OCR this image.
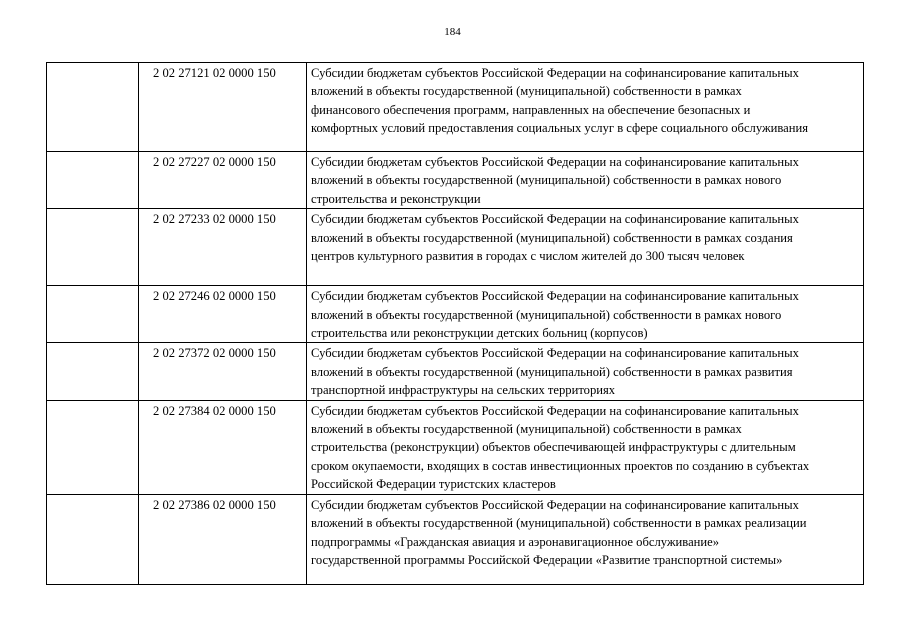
184
	2 02 27121 02 0000 150	Субсидии бюджетам субъектов Российской Федерации на софинансирование капитальных
вложений в объекты государственной (муниципальной) собственности в рамках
финансового обеспечения программ, направленных на обеспечение безопасных и
комфортных условий предоставления социальных услуг в сфере социального обслуживания

	2 02 27227 02 0000 150	Субсидии бюджетам субъектов Российской Федерации на софинансирование капитальных
вложений в объекты государственной (муниципальной) собственности в рамках нового
строительства и реконструкции

	2 02 27233 02 0000 150	Субсидии бюджетам субъектов Российской Федерации на софинансирование капитальных
вложений в объекты государственной (муниципальной) собственности в рамках создания
центров культурного развития в городах с числом жителей до 300 тысяч человек

	2 02 27246 02 0000 150	Субсидии бюджетам субъектов Российской Федерации на софинансирование капитальных
вложений в объекты государственной (муниципальной) собственности в рамках нового
строительства или реконструкции детских больниц (корпусов)

	2 02 27372 02 0000 150	Субсидии бюджетам субъектов Российской Федерации на софинансирование капитальных
вложений в объекты государственной (муниципальной) собственности в рамках развития
транспортной инфраструктуры на сельских территориях

	2 02 27384 02 0000 150	Субсидии бюджетам субъектов Российской Федерации на софинансирование капитальных
вложений в объекты государственной (муниципальной) собственности в рамках
строительства (реконструкции) объектов обеспечивающей инфраструктуры с длительным
сроком окупаемости, входящих в состав инвестиционных проектов по созданию в субъектах
Российской Федерации туристских кластеров

	2 02 27386 02 0000 150	Субсидии бюджетам субъектов Российской Федерации на софинансирование капитальных
вложений в объекты государственной (муниципальной) собственности в рамках реализации
подпрограммы «Гражданская авиация и аэронавигационное обслуживание»
государственной программы Российской Федерации «Развитие транспортной системы»
